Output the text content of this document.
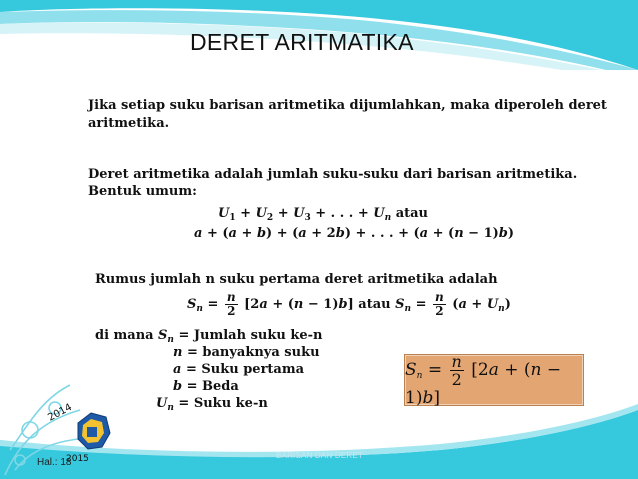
DERET ARITMATIKA
Jika setiap suku barisan aritmetika dijumlahkan, maka diperoleh deret
aritmetika.
Deret aritmetika adalah jumlah suku-suku dari barisan aritmetika.
Bentuk umum:
$U_1 + U_2 + U_3$ + . . . + $U_n$ atau
a + (a + b) + (a + 2b) + . . . + (a + (n − 1)b)
Rumus jumlah n suku pertama deret aritmetika adalah
$S_n = \frac{n}{2} [2a + (n - 1)b]$ atau $S_n = \frac{n}{2} (a + U_n)$
di mana $S_n$ = Jumlah suku ke-n
n = banyaknya suku
a = Suku pertama
b = Beda
$U_n$ = Suku ke-n
$S_n = \frac{n}{2} [2a + (n - 1)b]$
2014
2015
Hal.: 18
BARISAN DAN DERET
